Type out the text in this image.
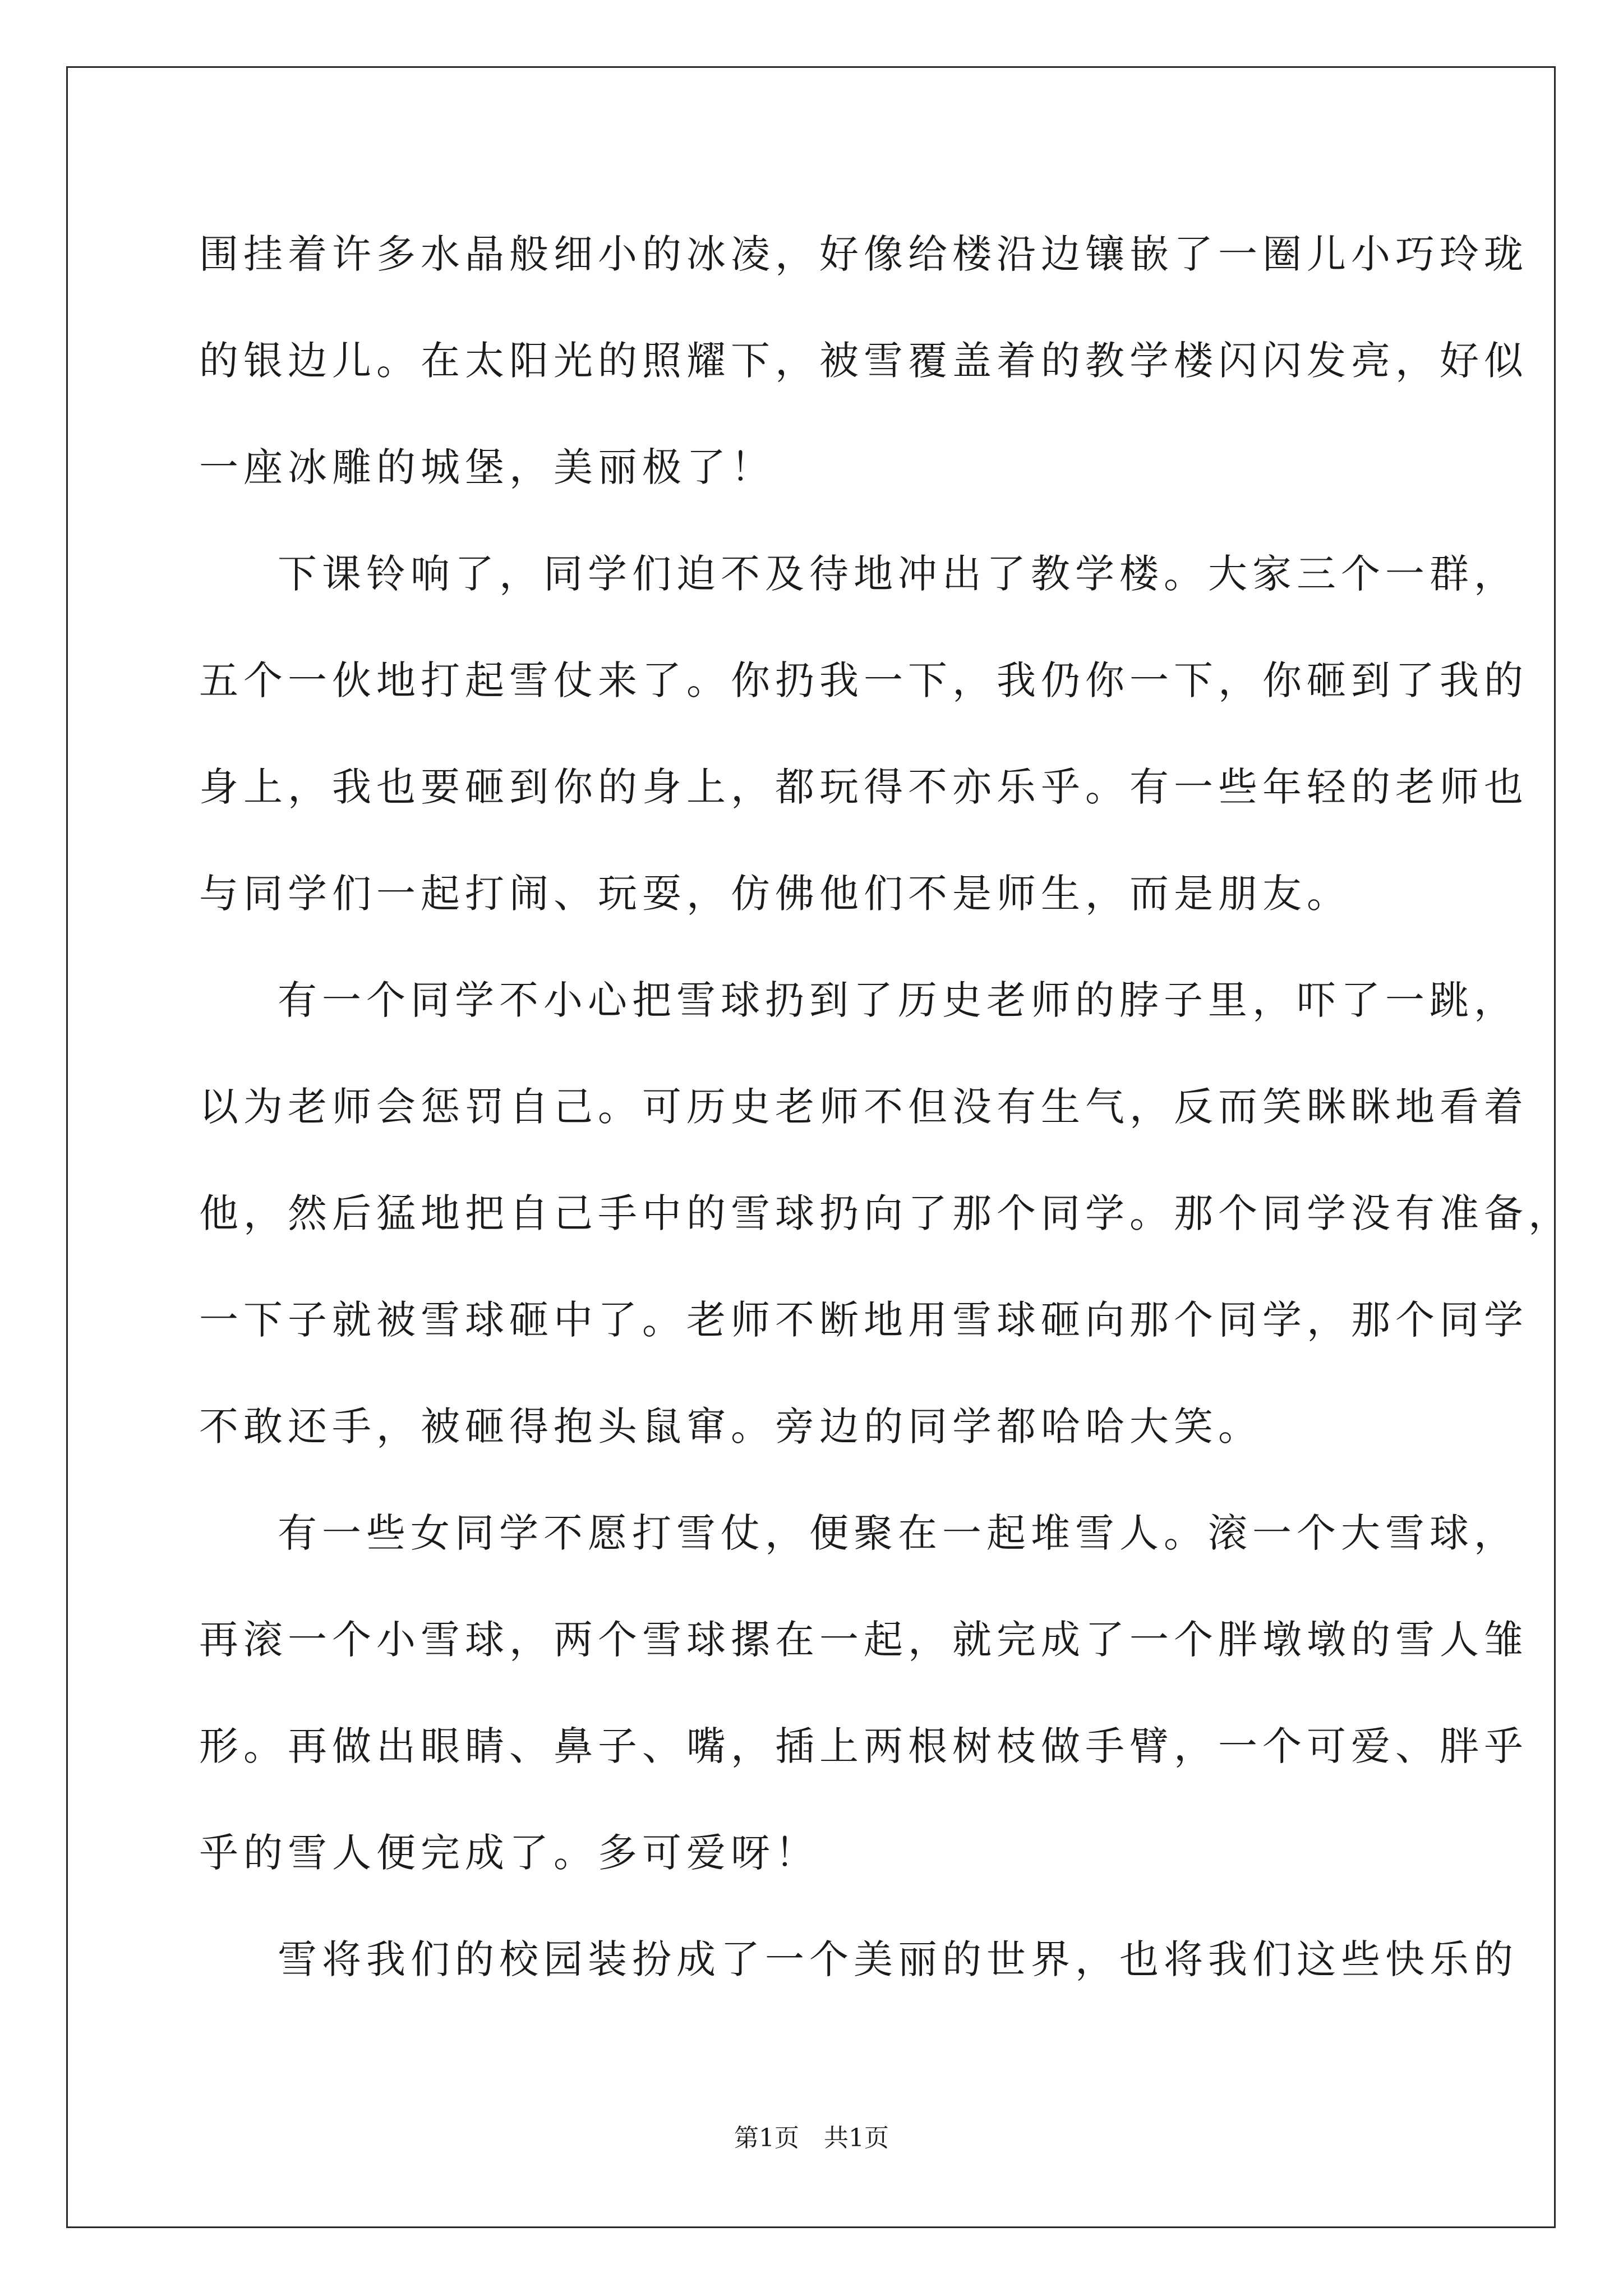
围挂着许多水晶般细小的冰凌，好像给楼沿边镶嵌了一圈儿小巧玲珑
的银边儿。在太阳光的照耀下，被雪覆盖着的教学楼闪闪发亮，好似
一座冰雕的城堡，美丽极了！
下课铃响了，同学们迫不及待地冲出了教学楼。大家三个一群，
五个一伙地打起雪仗来了。你扔我一下，我仍你一下，你砸到了我的
身上，我也要砸到你的身上，都玩得不亦乐乎。有一些年轻的老师也
与同学们一起打闹、玩耍，仿佛他们不是师生，而是朋友。
有一个同学不小心把雪球扔到了历史老师的脖子里，吓了一跳，
以为老师会惩罚自己。可历史老师不但没有生气，反而笑眯眯地看着
他，然后猛地把自己手中的雪球扔向了那个同学。那个同学没有准备，
一下子就被雪球砸中了。老师不断地用雪球砸向那个同学，那个同学
不敢还手，被砸得抱头鼠窜。旁边的同学都哈哈大笑。
有一些女同学不愿打雪仗，便聚在一起堆雪人。滚一个大雪球，
再滚一个小雪球，两个雪球摞在一起，就完成了一个胖墩墩的雪人雏
形。再做出眼睛、鼻子、嘴，插上两根树枝做手臂，一个可爱、胖乎
乎的雪人便完成了。多可爱呀！
雪将我们的校园装扮成了一个美丽的世界，也将我们这些快乐的
第1页 共1页
